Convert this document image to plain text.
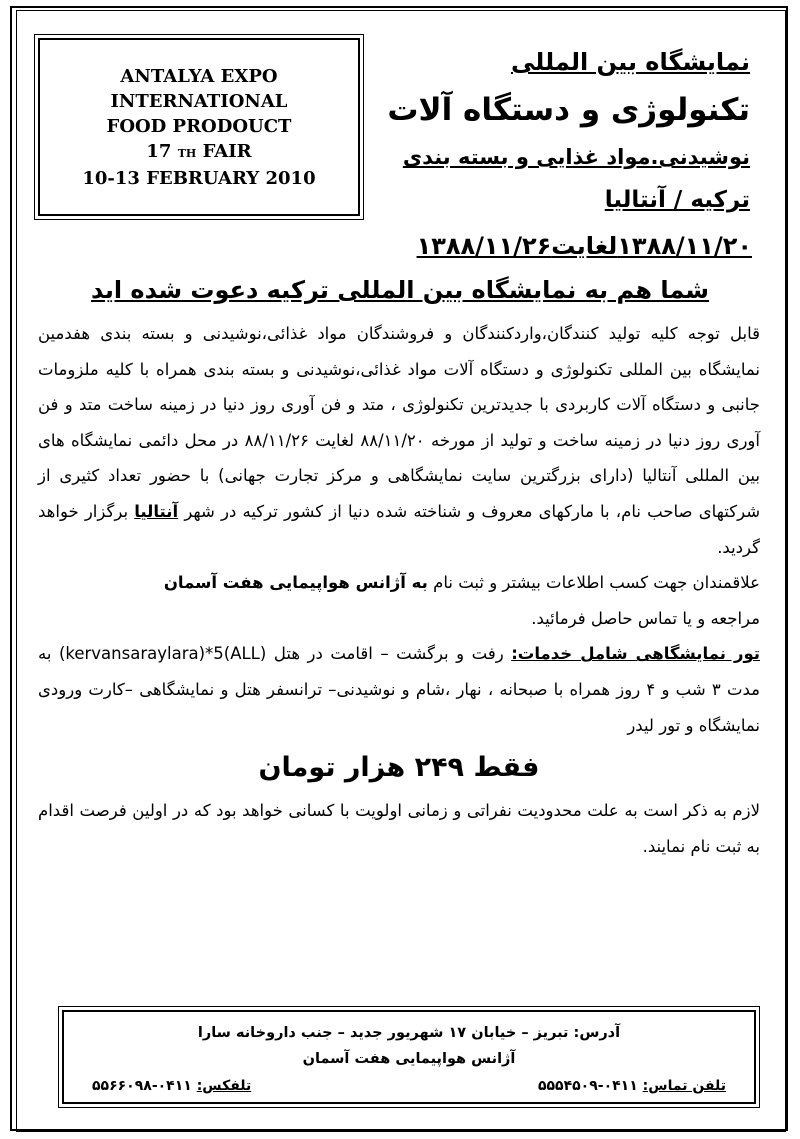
ANTALYA EXPO
INTERNATIONAL
FOOD PRODOUCT
17 TH FAIR
10-13 FEBRUARY 2010
نمایشگاه بین المللی
تکنولوژی و دستگاه آلات
نوشیدنی.مواد غذایی و بسته بندی
ترکیه / آنتالیا
۱۳۸۸/۱۱/۲۰لغایت۱۳۸۸/۱۱/۲۶
شما هم به نمایشگاه بین المللی ترکیه دعوت شده اید

قابل توجه کلیه تولید کنندگان،واردکنندگان و فروشندگان مواد غذائی،نوشیدنی و بسته بندی هفدمین نمایشگاه بین المللی تکنولوژی و دستگاه آلات مواد غذائی،نوشیدنی و بسته بندی همراه با کلیه ملزومات جانبی و دستگاه آلات کاربردی با جدیدترین تکنولوژی ، متد و فن آوری روز دنیا در زمینه ساخت متد و فن آوری روز دنیا در زمینه ساخت و تولید از مورخه ۸۸/۱۱/۲۰ لغایت ۸۸/۱۱/۲۶ در محل دائمی نمایشگاه های بین المللی آنتالیا (دارای بزرگترین سایت نمایشگاهی و مرکز تجارت جهانی) با حضور تعداد کثیری از شرکتهای صاحب نام، با مارکهای معروف و شناخته شده دنیا از کشور ترکیه در شهر آنتالیا برگزار خواهد گردید.

علاقمندان جهت کسب اطلاعات بیشتر و ثبت نام به آژانس هواپیمایی هفت آسمان
مراجعه و یا تماس حاصل فرمائید.

تور نمایشگاهی شامل خدمات: رفت و برگشت – اقامت در هتل (kervansaraylara)*5(ALL) به مدت ۳ شب و ۴ روز همراه با صبحانه ، نهار ،شام و نوشیدنی– ترانسفر هتل و نمایشگاهی –کارت ورودی نمایشگاه و تور لیدر

فقط ۲۴۹ هزار تومان

لازم به ذکر است به علت محدودیت نفراتی و زمانی اولویت با کسانی خواهد بود که در اولین فرصت اقدام به ثبت نام نمایند.

آدرس: تبریز – خیابان ۱۷ شهریور جدید – جنب داروخانه سارا
آژانس هواپیمایی هفت آسمان
تلفن تماس: ۰۴۱۱-۵۵۵۴۵۰۹
تلفکس: ۰۴۱۱-۵۵۶۶۰۹۸
